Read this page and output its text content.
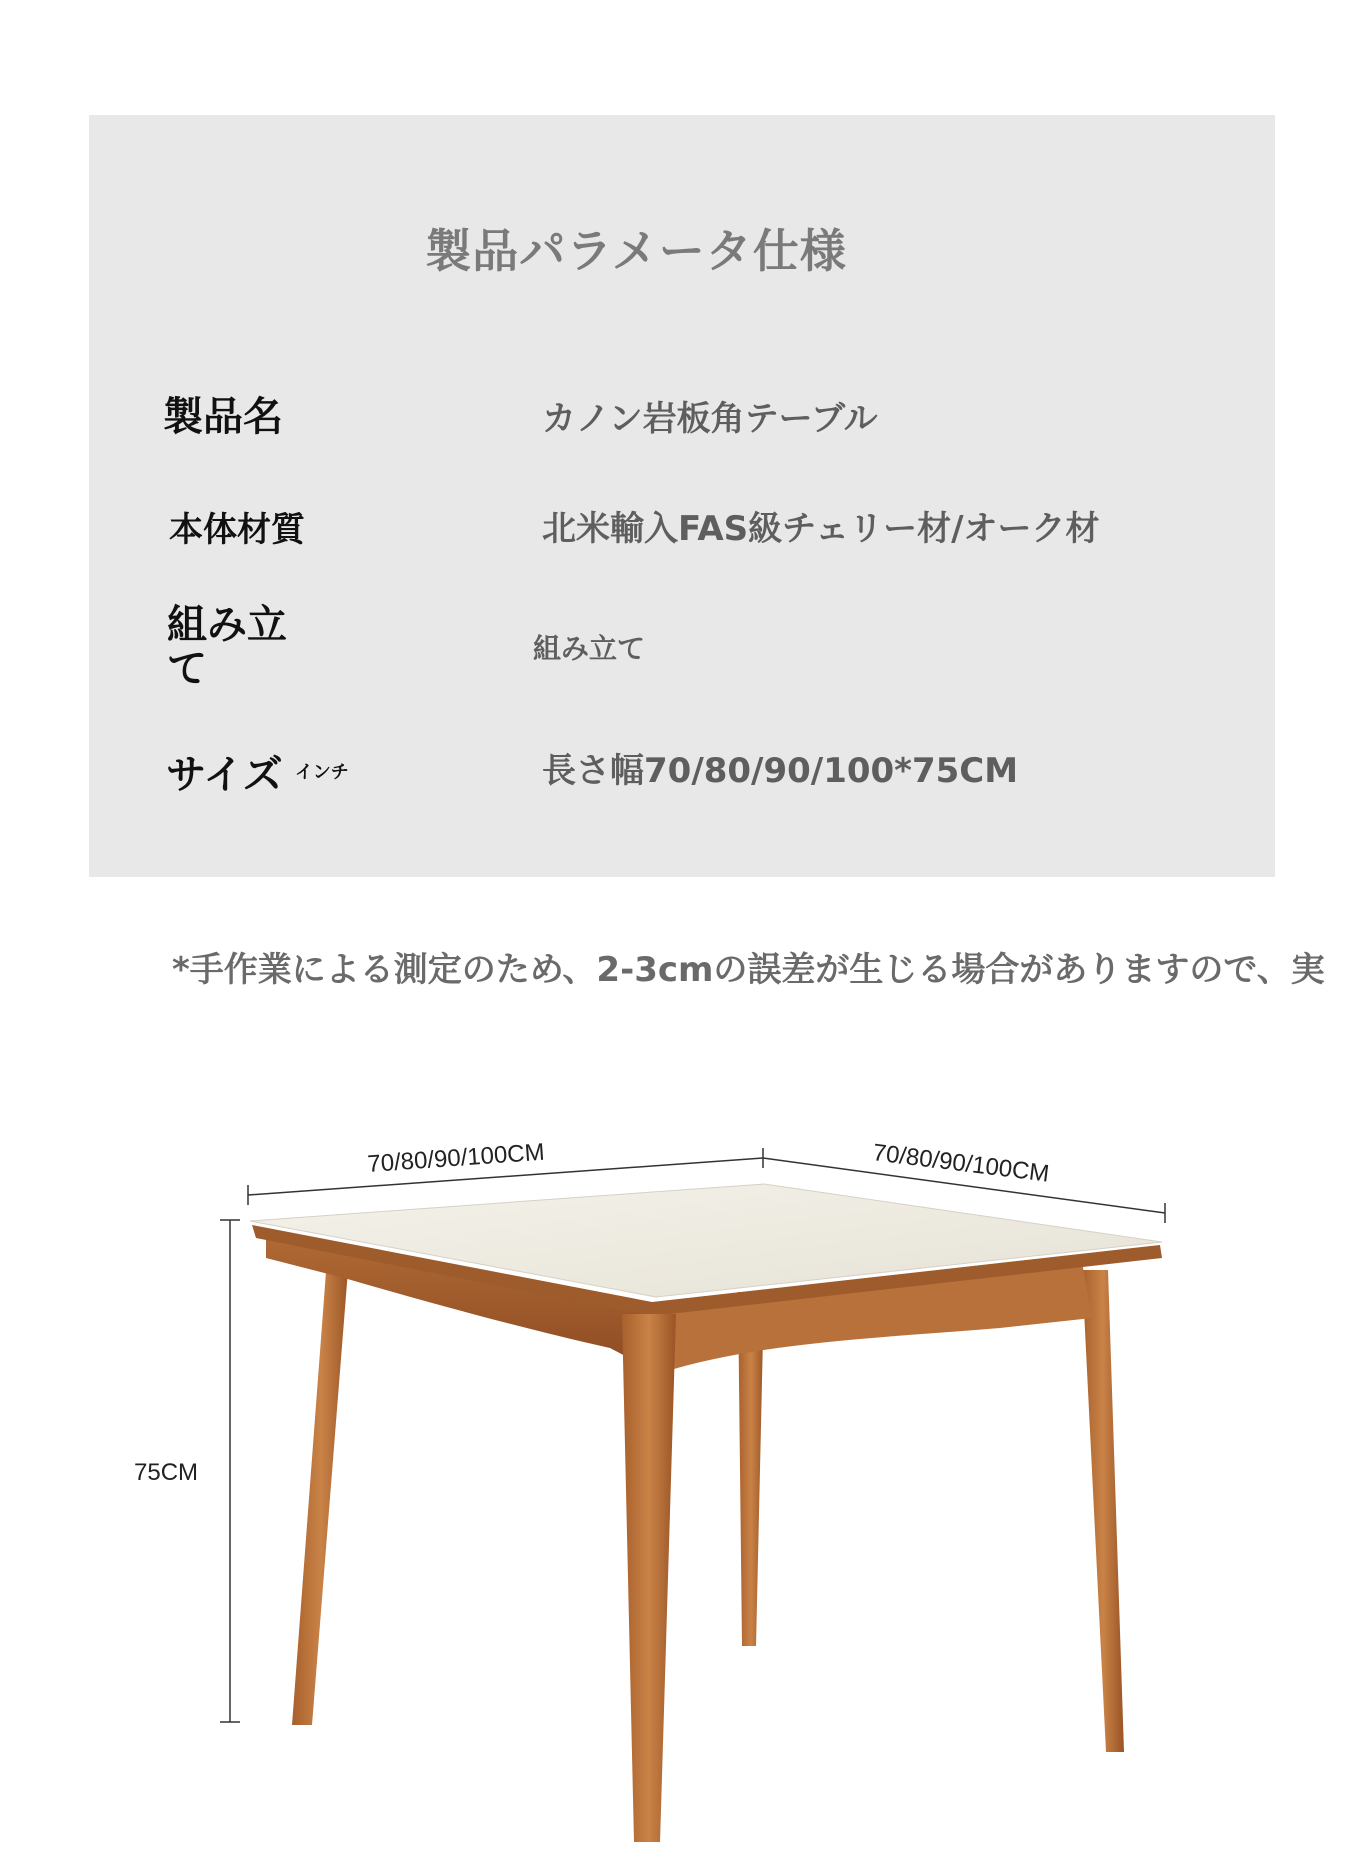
製品パラメータ仕様
製品名	カノン岩板角テーブル
本体材質	北米輸入FAS級チェリー材/オーク材
組み立て	組み立て
サイズ $^{インチ}$	長さ幅70/80/90/100*75CM
*手作業による測定のため、2-3cmの誤差が生じる場合がありますので、実
70/80/90/100CM	70/80/90/100CM
75CM
